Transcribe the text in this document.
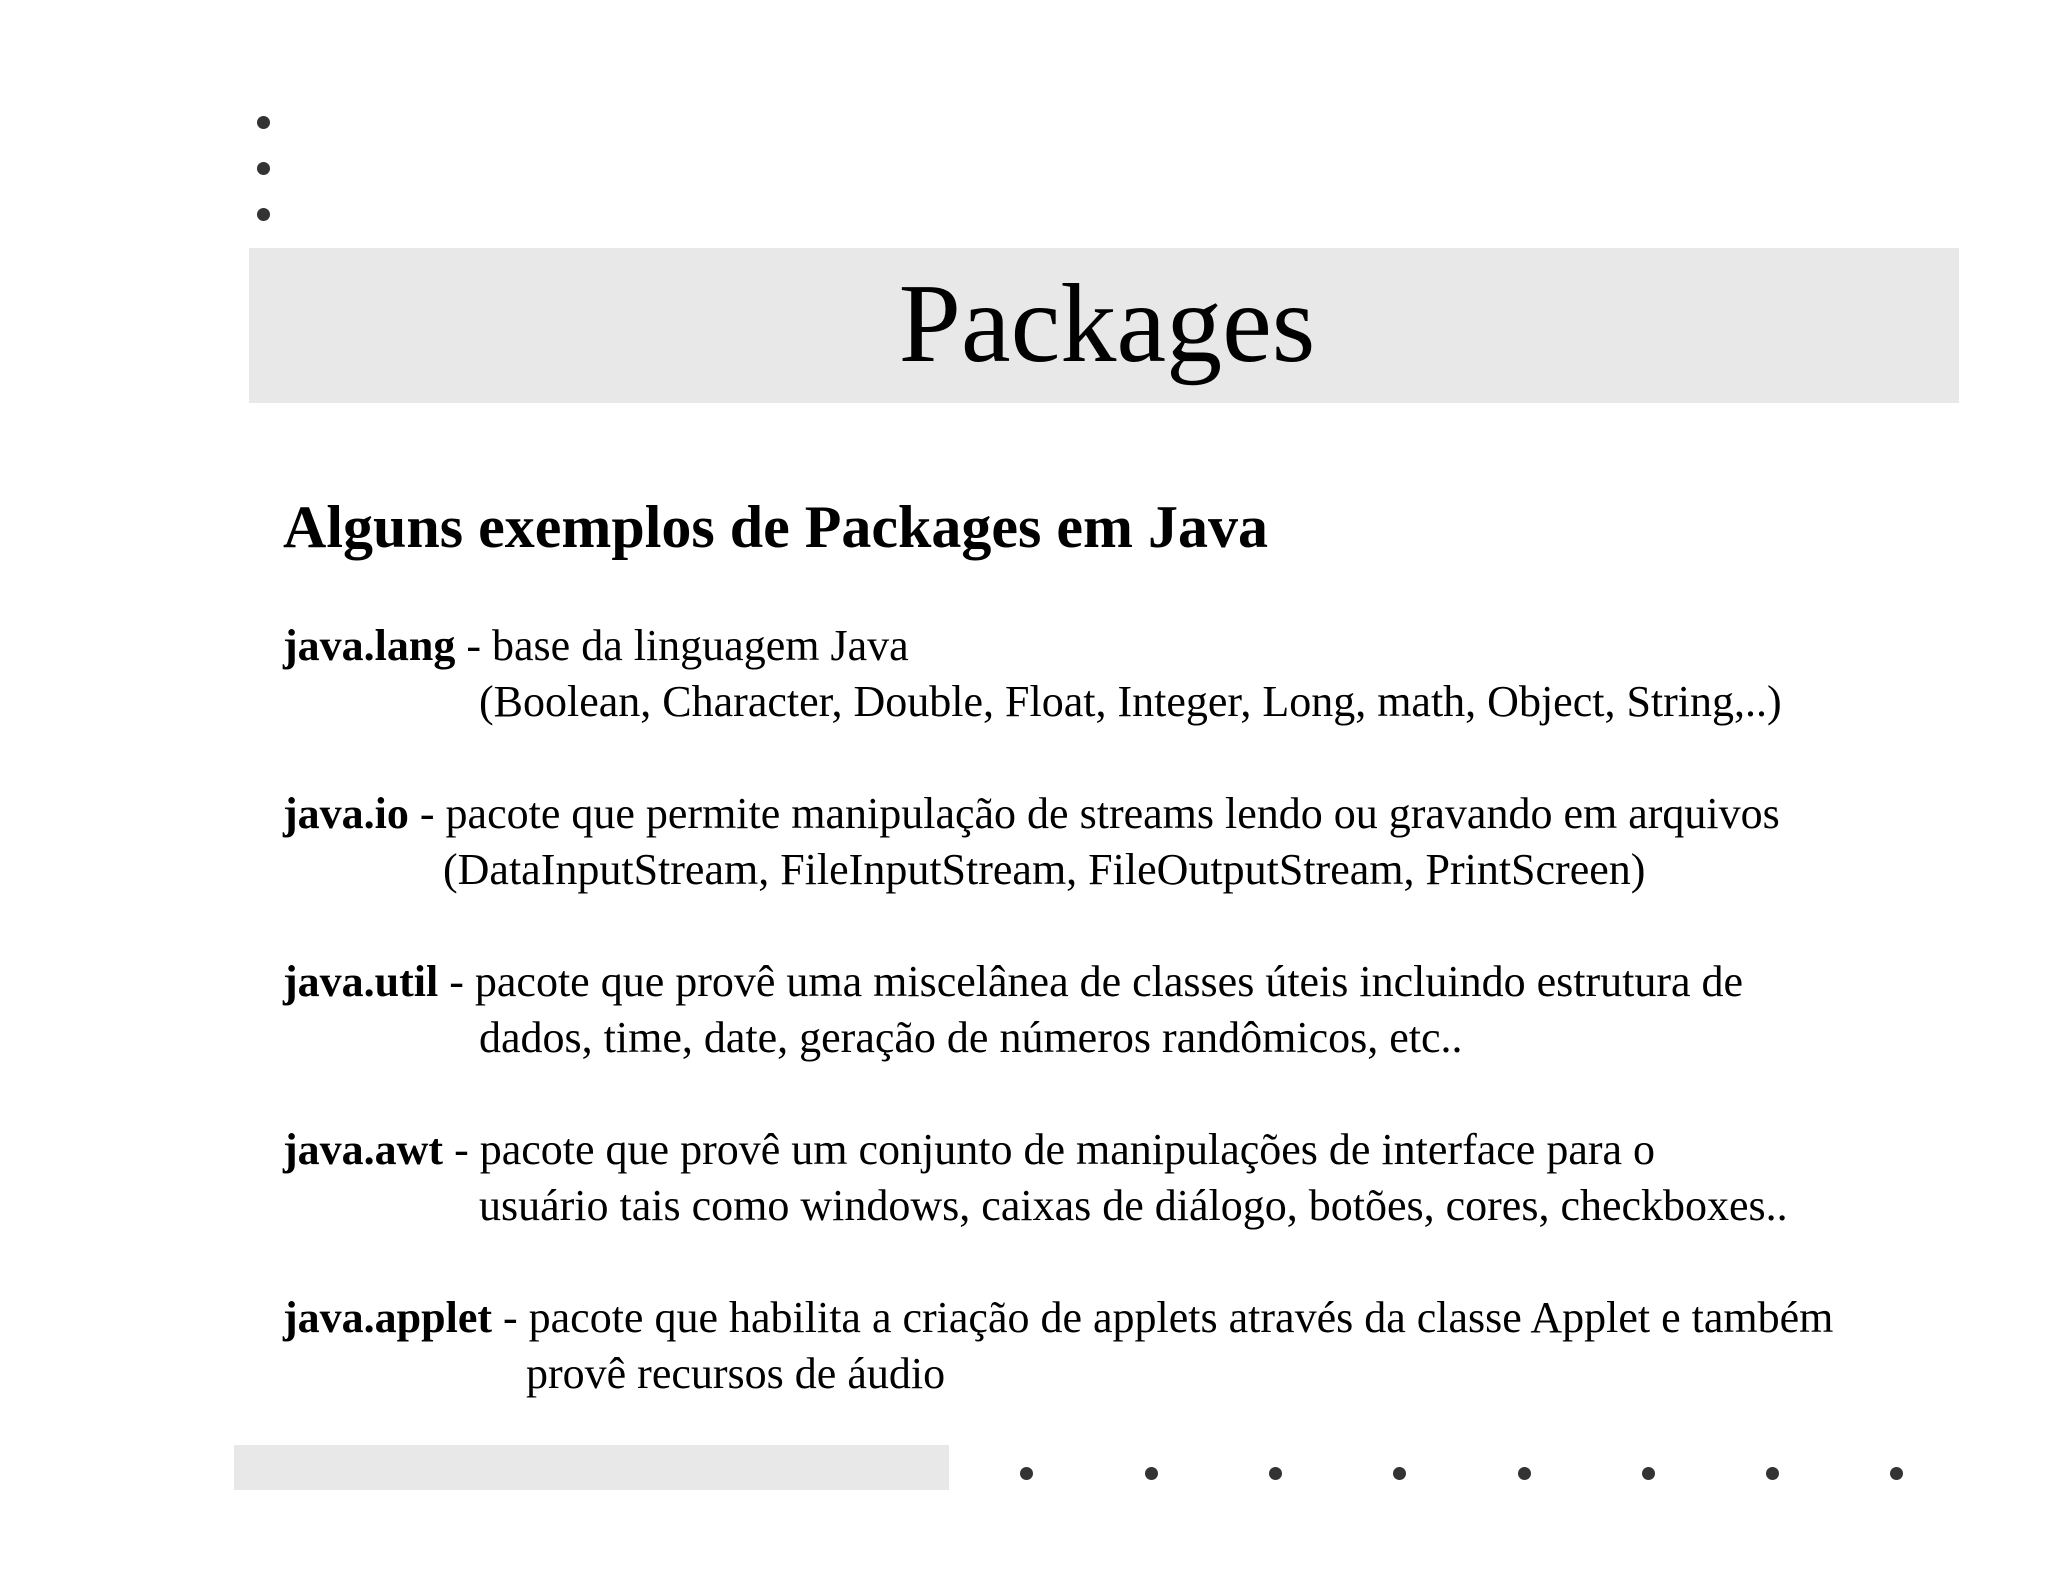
Packages
Alguns exemplos de Packages em Java
java.lang - base da linguagem Java
(Boolean, Character, Double, Float, Integer, Long, math, Object, String,..)
java.io - pacote que permite manipulação de streams lendo ou gravando em arquivos
(DataInputStream, FileInputStream, FileOutputStream, PrintScreen)
java.util - pacote que provê uma miscelânea de classes úteis incluindo estrutura de
dados, time, date, geração de números randômicos, etc..
java.awt - pacote que provê um conjunto de manipulações de interface para o
usuário tais como windows, caixas de diálogo, botões, cores, checkboxes..
java.applet - pacote que habilita a criação de applets através da classe Applet e também
provê recursos de áudio
